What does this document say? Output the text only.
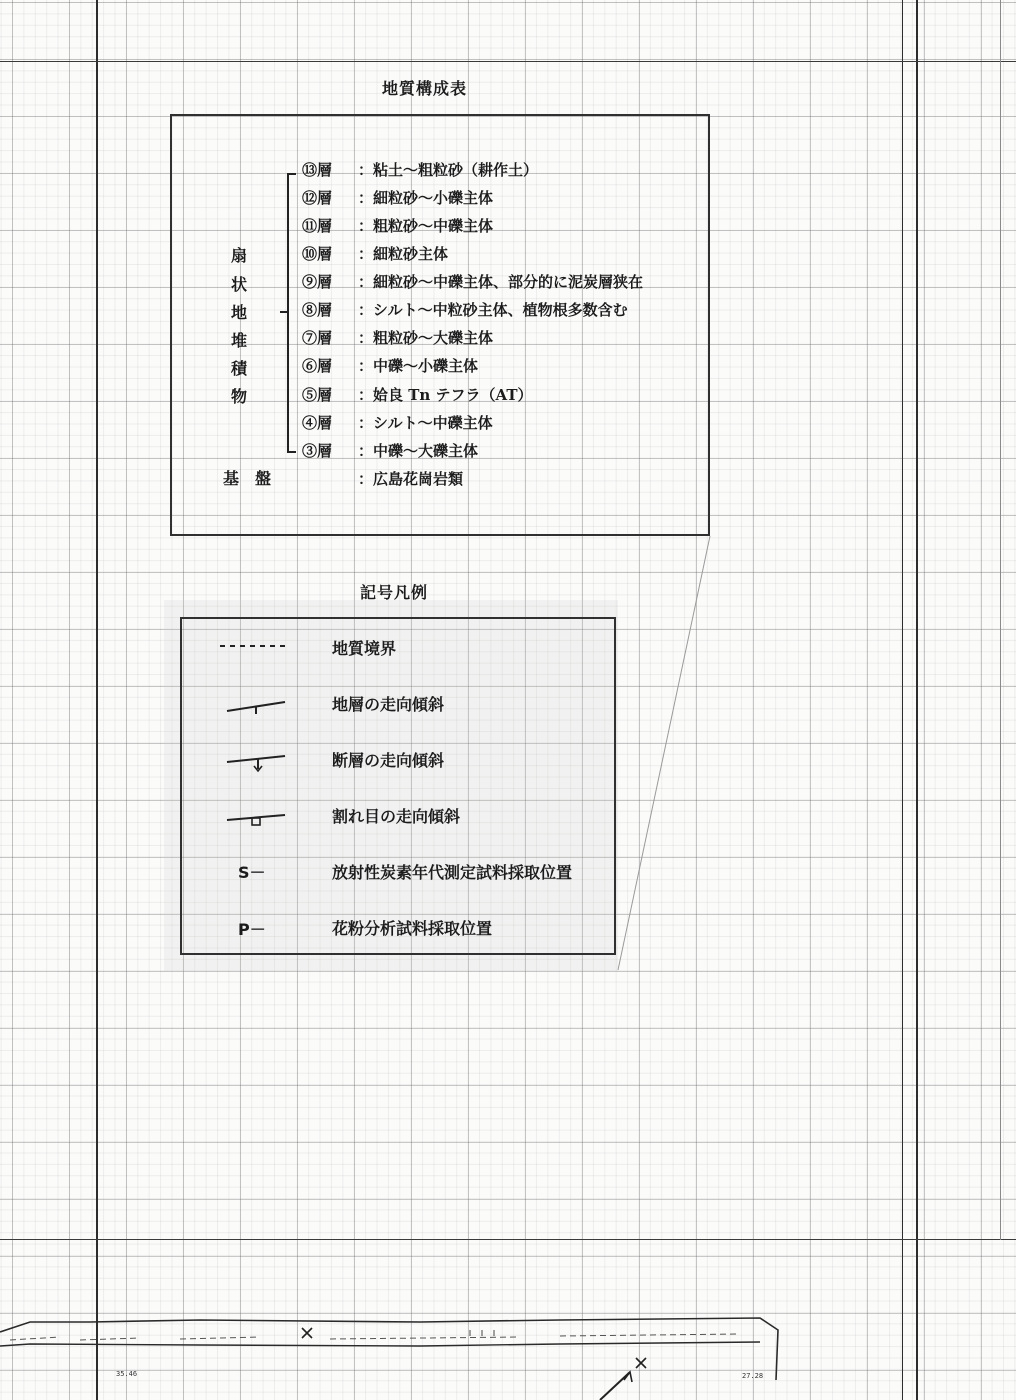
地質構成表
扇
状
地
堆
積
物
⑬層 ：粘土〜粗粒砂（耕作土）
⑫層 ：細粒砂〜小礫主体
⑪層 ：粗粒砂〜中礫主体
⑩層 ：細粒砂主体
⑨層 ：細粒砂〜中礫主体、部分的に泥炭層狭在
⑧層 ：シルト〜中粒砂主体、植物根多数含む
⑦層 ：粗粒砂〜大礫主体
⑥層 ：中礫〜小礫主体
⑤層 ：姶良 Tn テフラ（AT）
④層 ：シルト〜中礫主体
③層 ：中礫〜大礫主体
基　盤	：広島花崗岩類
記号凡例
地質境界
地層の走向傾斜
断層の走向傾斜
割れ目の走向傾斜
S－	放射性炭素年代測定試料採取位置
P－	花粉分析試料採取位置
35.46	27.28
